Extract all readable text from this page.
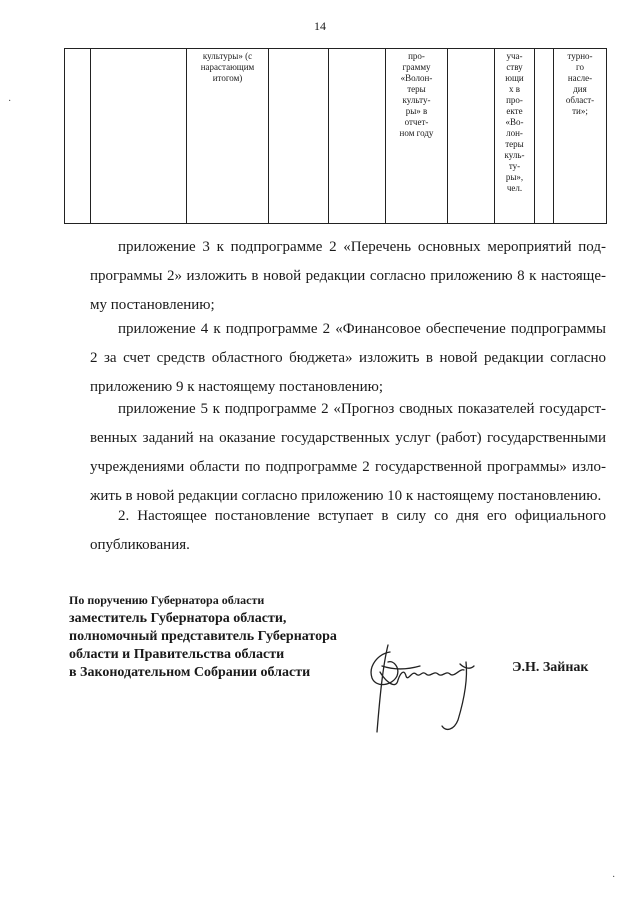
14
		культуры» (с
нарастающим
итогом)			про-
грамму
«Волон-
теры
культу-
ры» в
отчет-
ном году		уча-
ству
ющи
х в
про-
екте
«Во-
лон-
теры
куль-
ту-
ры»,
чел.		турно-
го
насле-
дия
област-
ти»;

приложение 3 к подпрограмме 2 «Перечень основных мероприятий под-
программы 2» изложить в новой редакции согласно приложению 8 к настояще-
му постановлению;

приложение 4 к подпрограмме 2 «Финансовое обеспечение подпрограммы
2 за счет средств областного бюджета» изложить в новой редакции согласно
приложению 9 к настоящему постановлению;

приложение 5 к подпрограмме 2 «Прогноз сводных показателей государст-
венных заданий на оказание государственных услуг (работ) государственными
учреждениями области по подпрограмме 2 государственной программы» изло-
жить в новой редакции согласно приложению 10 к настоящему постановлению.

2. Настоящее постановление вступает в силу со дня его официального
опубликования.

По поручению Губернатора области
заместитель Губернатора области,
полномочный представитель Губернатора
области и Правительства области
в Законодательном Собрании области	Э.Н. Зайнак
·
·
